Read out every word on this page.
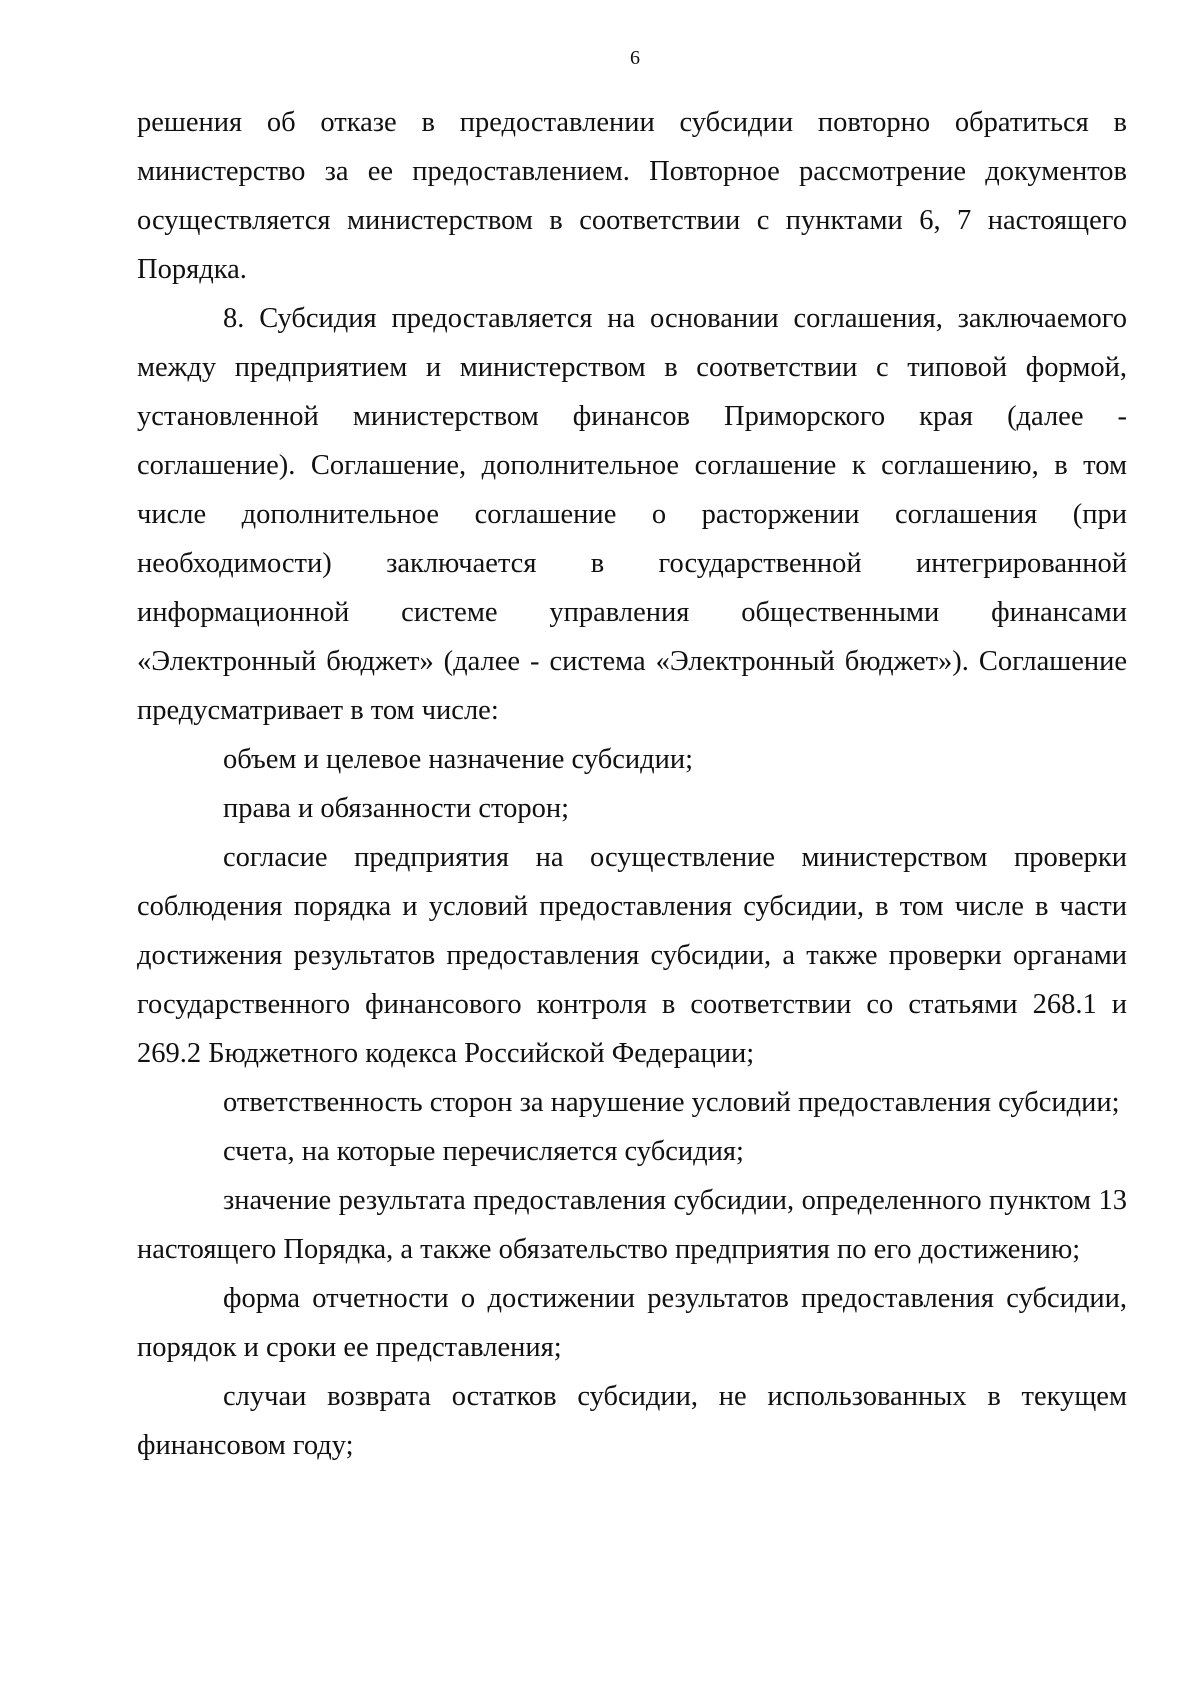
6

решения об отказе в предоставлении субсидии повторно обратиться в министерство за ее предоставлением. Повторное рассмотрение документов осуществляется министерством в соответствии с пунктами 6, 7 настоящего Порядка.

8. Субсидия предоставляется на основании соглашения, заключаемого между предприятием и министерством в соответствии с типовой формой, установленной министерством финансов Приморского края (далее - соглашение). Соглашение, дополнительное соглашение к соглашению, в том числе дополнительное соглашение о расторжении соглашения (при необходимости) заключается в государственной интегрированной информационной системе управления общественными финансами «Электронный бюджет» (далее - система «Электронный бюджет»). Соглашение предусматривает в том числе:

объем и целевое назначение субсидии;

права и обязанности сторон;

согласие предприятия на осуществление министерством проверки соблюдения порядка и условий предоставления субсидии, в том числе в части достижения результатов предоставления субсидии, а также проверки органами государственного финансового контроля в соответствии со статьями 268.1 и 269.2 Бюджетного кодекса Российской Федерации;

ответственность сторон за нарушение условий предоставления субсидии;

счета, на которые перечисляется субсидия;

значение результата предоставления субсидии, определенного пунктом 13 настоящего Порядка, а также обязательство предприятия по его достижению;

форма отчетности о достижении результатов предоставления субсидии, порядок и сроки ее представления;

случаи возврата остатков субсидии, не использованных в текущем финансовом году;
